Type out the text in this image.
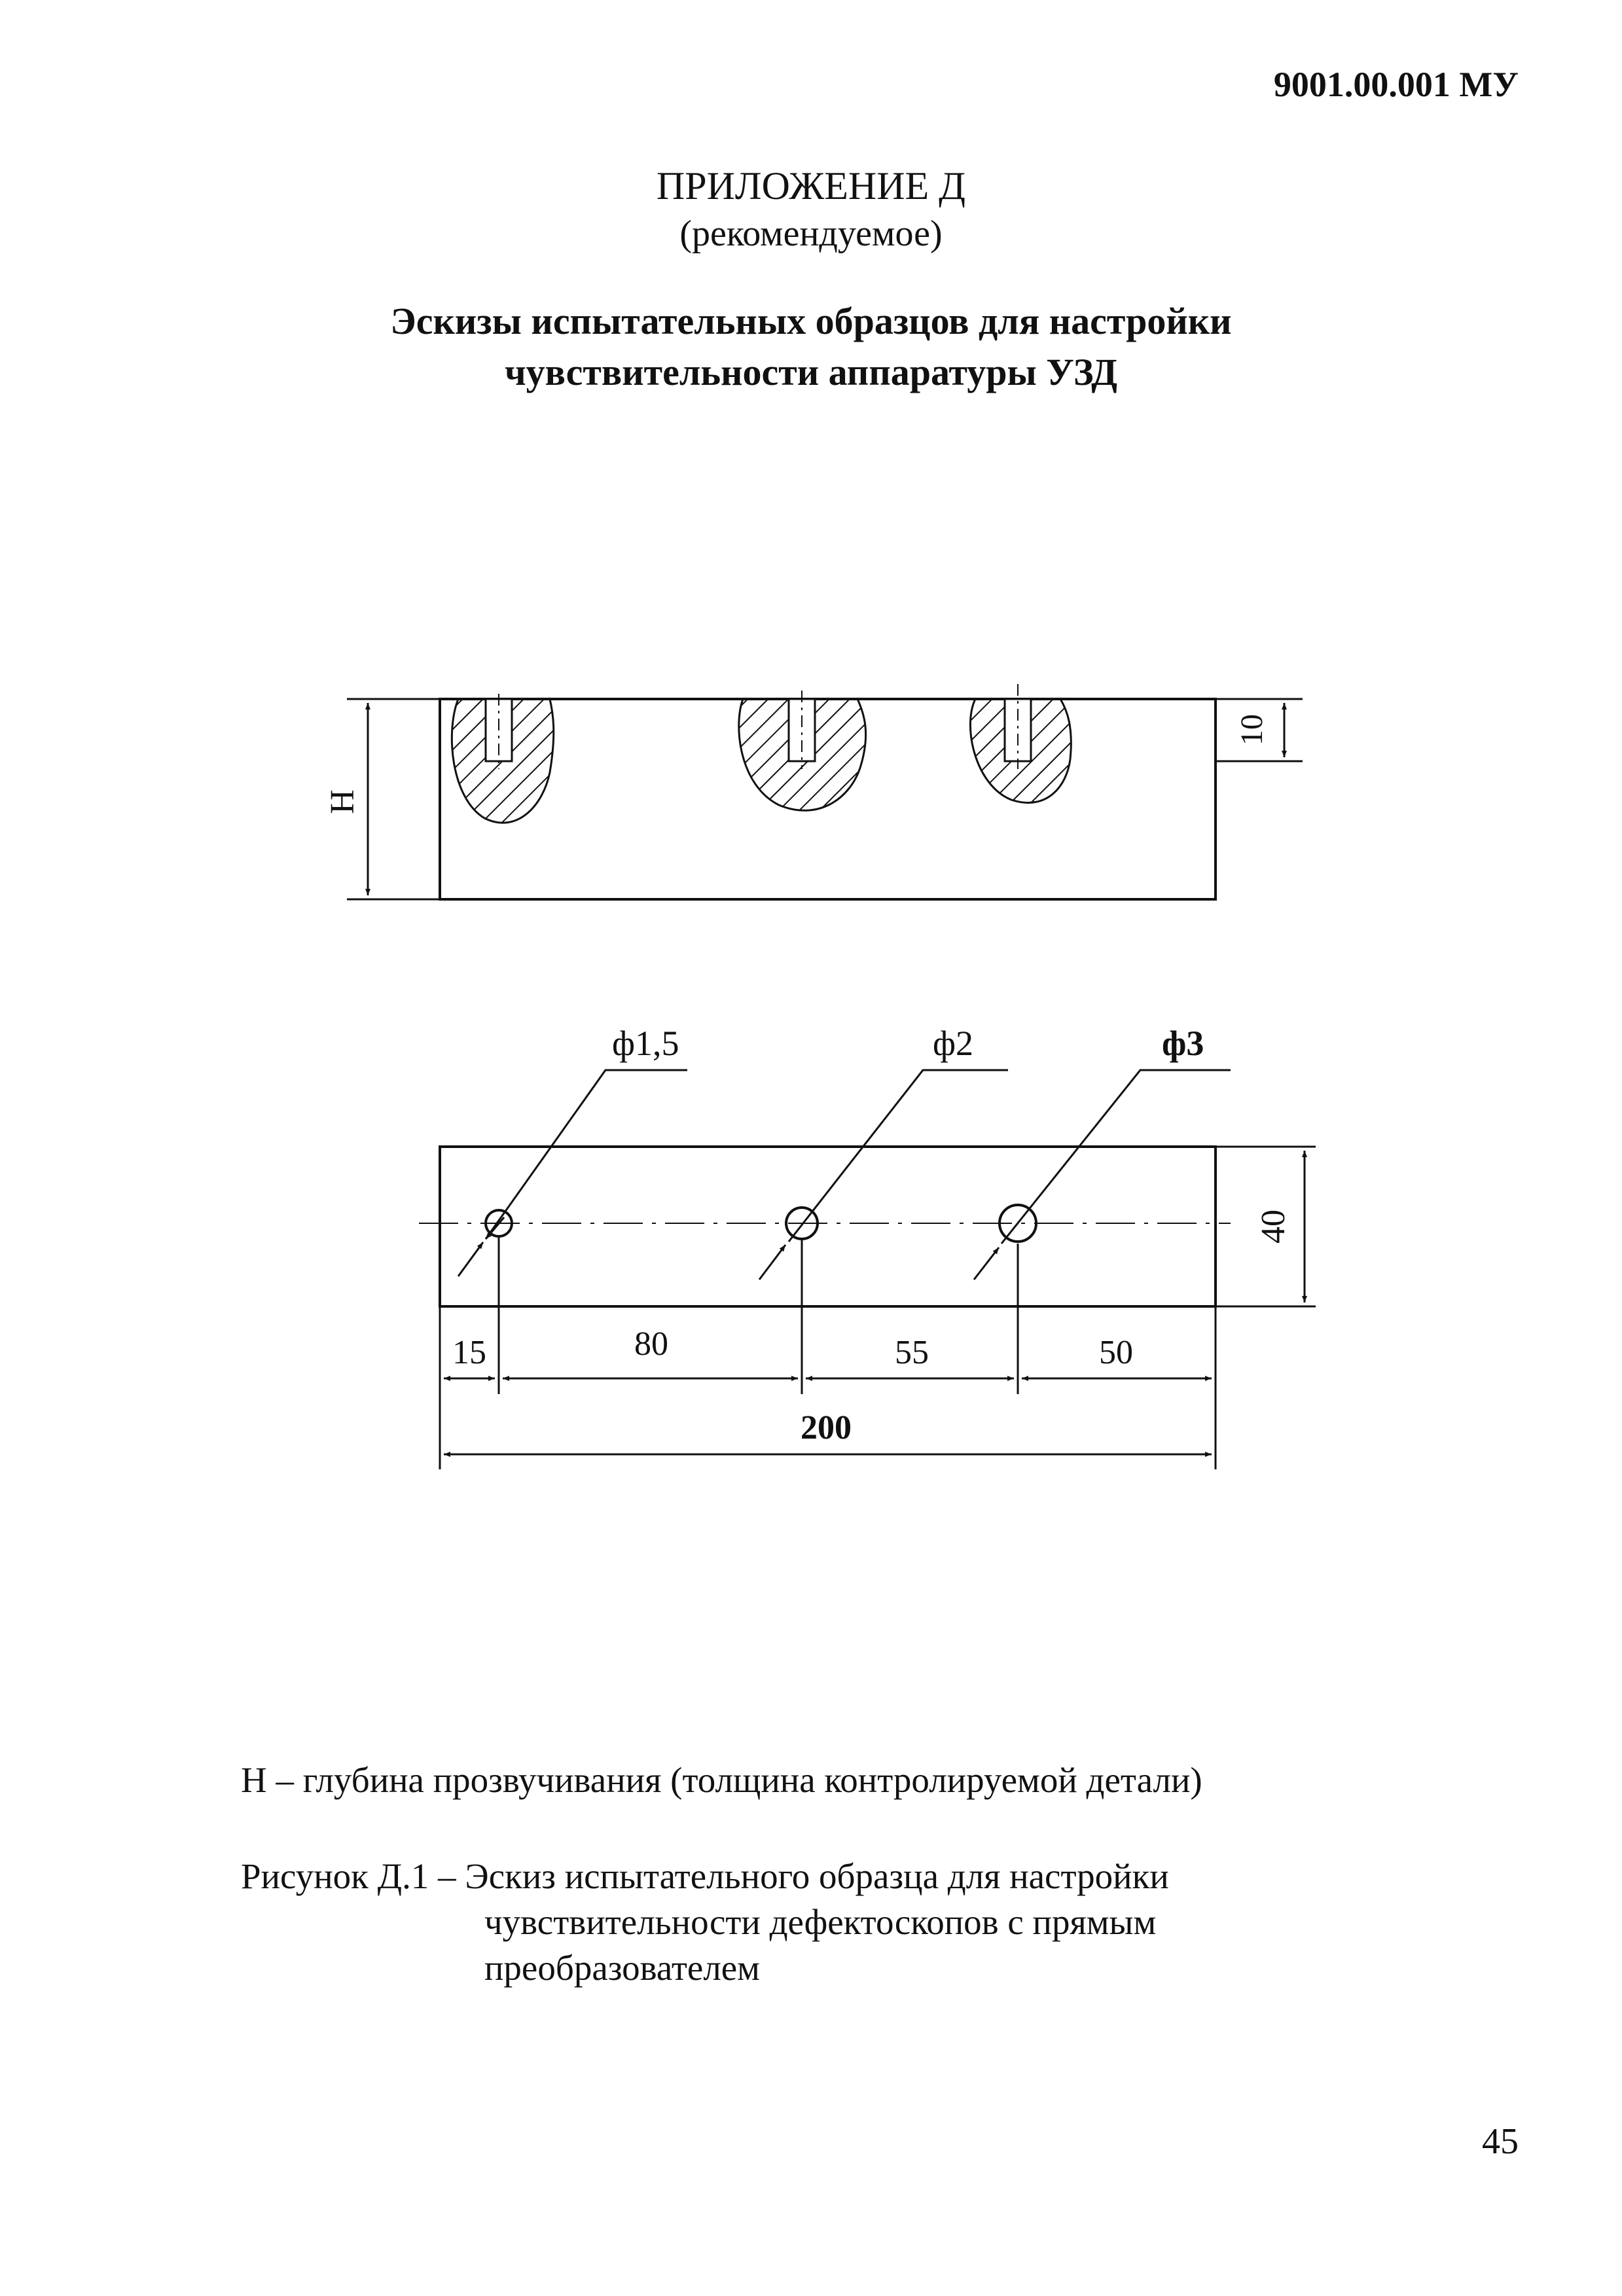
9001.00.001 МУ
ПРИЛОЖЕНИЕ Д
(рекомендуемое)
Эскизы испытательных образцов для настройки
чувствительности аппаратуры УЗД
Н
10
ф1,5	ф2	ф3
40
15	80	55	50
200
Н – глубина прозвучивания (толщина контролируемой детали)
Рисунок Д.1 – Эскиз испытательного образца для настройки
чувствительности дефектоскопов с прямым
преобразователем
45
